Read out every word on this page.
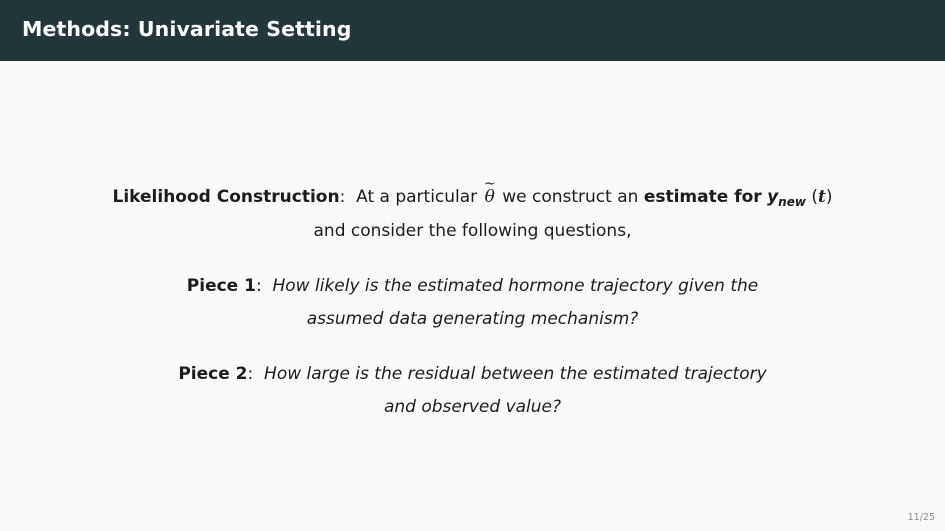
Methods: Univariate Setting
Likelihood Construction:  At a particular
~
θ we construct an estimate for $y_{new}$ (t)
and consider the following questions,
Piece 1:  How likely is the estimated hormone trajectory given the
assumed data generating mechanism?
Piece 2:  How large is the residual between the estimated trajectory
and observed value?
11/25
